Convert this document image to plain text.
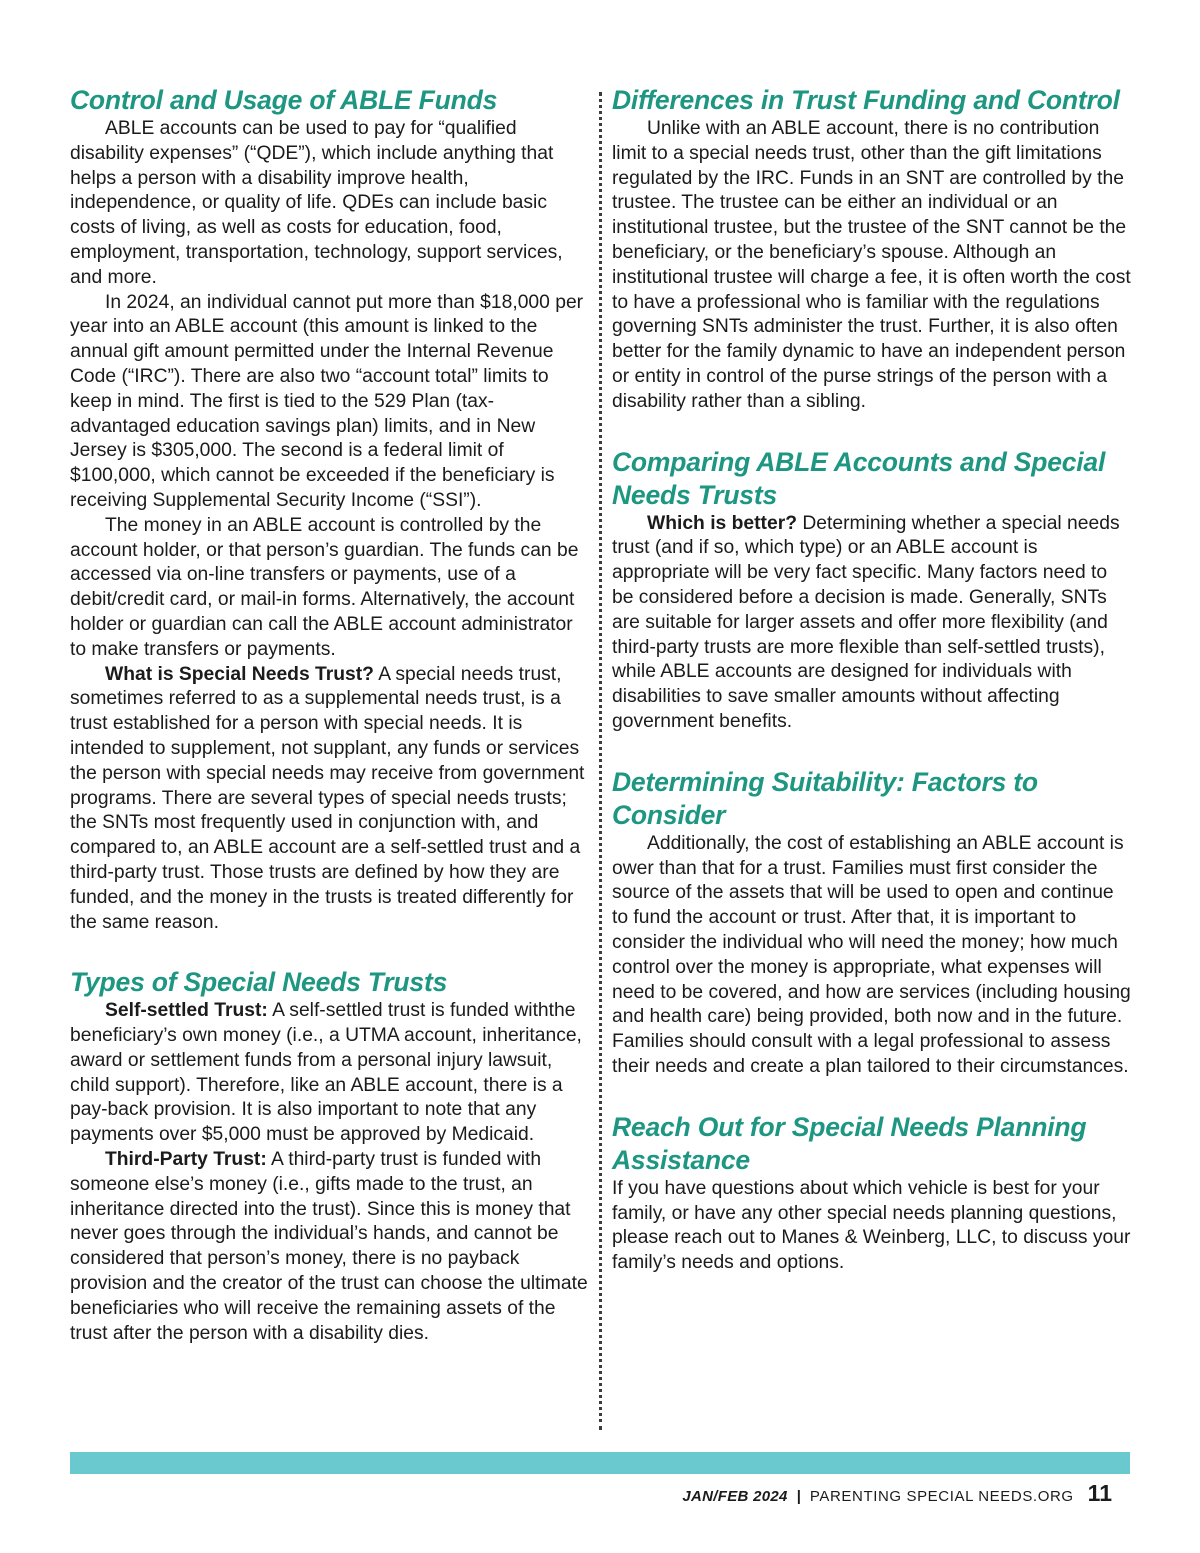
Control and Usage of ABLE Funds

ABLE accounts can be used to pay for “qualified disability expenses” (“QDE”), which include anything that helps a person with a disability improve health, independence, or quality of life. QDEs can include basic costs of living, as well as costs for education, food, employment, transportation, technology, support services, and more.

In 2024, an individual cannot put more than $18,000 per year into an ABLE account (this amount is linked to the annual gift amount permitted under the Internal Revenue Code (“IRC”). There are also two “account total” limits to keep in mind. The first is tied to the 529 Plan (tax-advantaged education savings plan) limits, and in New Jersey is $305,000. The second is a federal limit of $100,000, which cannot be exceeded if the beneficiary is receiving Supplemental Security Income (“SSI”).

The money in an ABLE account is controlled by the account holder, or that person’s guardian. The funds can be accessed via on-line transfers or payments, use of a debit/credit card, or mail-in forms. Alternatively, the account holder or guardian can call the ABLE account administrator to make transfers or payments.

What is Special Needs Trust? A special needs trust, sometimes referred to as a supplemental needs trust, is a trust established for a person with special needs. It is intended to supplement, not supplant, any funds or services the person with special needs may receive from government programs. There are several types of special needs trusts; the SNTs most frequently used in conjunction with, and compared to, an ABLE account are a self-settled trust and a third-party trust. Those trusts are defined by how they are funded, and the money in the trusts is treated differently for the same reason.

Types of Special Needs Trusts

Self-settled Trust: A self-settled trust is funded withthe beneficiary’s own money (i.e., a UTMA account, inheritance, award or settlement funds from a personal injury lawsuit, child support). Therefore, like an ABLE account, there is a pay-back provision. It is also important to note that any payments over $5,000 must be approved by Medicaid.

Third-Party Trust: A third-party trust is funded with someone else’s money (i.e., gifts made to the trust, an inheritance directed into the trust). Since this is money that never goes through the individual’s hands, and cannot be considered that person’s money, there is no payback provision and the creator of the trust can choose the ultimate beneficiaries who will receive the remaining assets of the trust after the person with a disability dies.

Differences in Trust Funding and Control

Unlike with an ABLE account, there is no contribution limit to a special needs trust, other than the gift limitations regulated by the IRC. Funds in an SNT are controlled by the trustee. The trustee can be either an individual or an institutional trustee, but the trustee of the SNT cannot be the beneficiary, or the beneficiary’s spouse. Although an institutional trustee will charge a fee, it is often worth the cost to have a professional who is familiar with the regulations governing SNTs administer the trust. Further, it is also often better for the family dynamic to have an independent person or entity in control of the purse strings of the person with a disability rather than a sibling.

Comparing ABLE Accounts and Special Needs Trusts

Which is better? Determining whether a special needs trust (and if so, which type) or an ABLE account is appropriate will be very fact specific. Many factors need to be considered before a decision is made. Generally, SNTs are suitable for larger assets and offer more flexibility (and third-party trusts are more flexible than self-settled trusts), while ABLE accounts are designed for individuals with disabilities to save smaller amounts without affecting government benefits.

Determining Suitability: Factors to Consider

Additionally, the cost of establishing an ABLE account is ower than that for a trust. Families must first consider the source of the assets that will be used to open and continue to fund the account or trust. After that, it is important to consider the individual who will need the money; how much control over the money is appropriate, what expenses will need to be covered, and how are services (including housing and health care) being provided, both now and in the future. Families should consult with a legal professional to assess their needs and create a plan tailored to their circumstances.

Reach Out for Special Needs Planning Assistance

If you have questions about which vehicle is best for your family, or have any other special needs planning questions, please reach out to Manes & Weinberg, LLC, to discuss your family’s needs and options.

JAN/FEB 2024 | PARENTING SPECIAL NEEDS.ORG 11
